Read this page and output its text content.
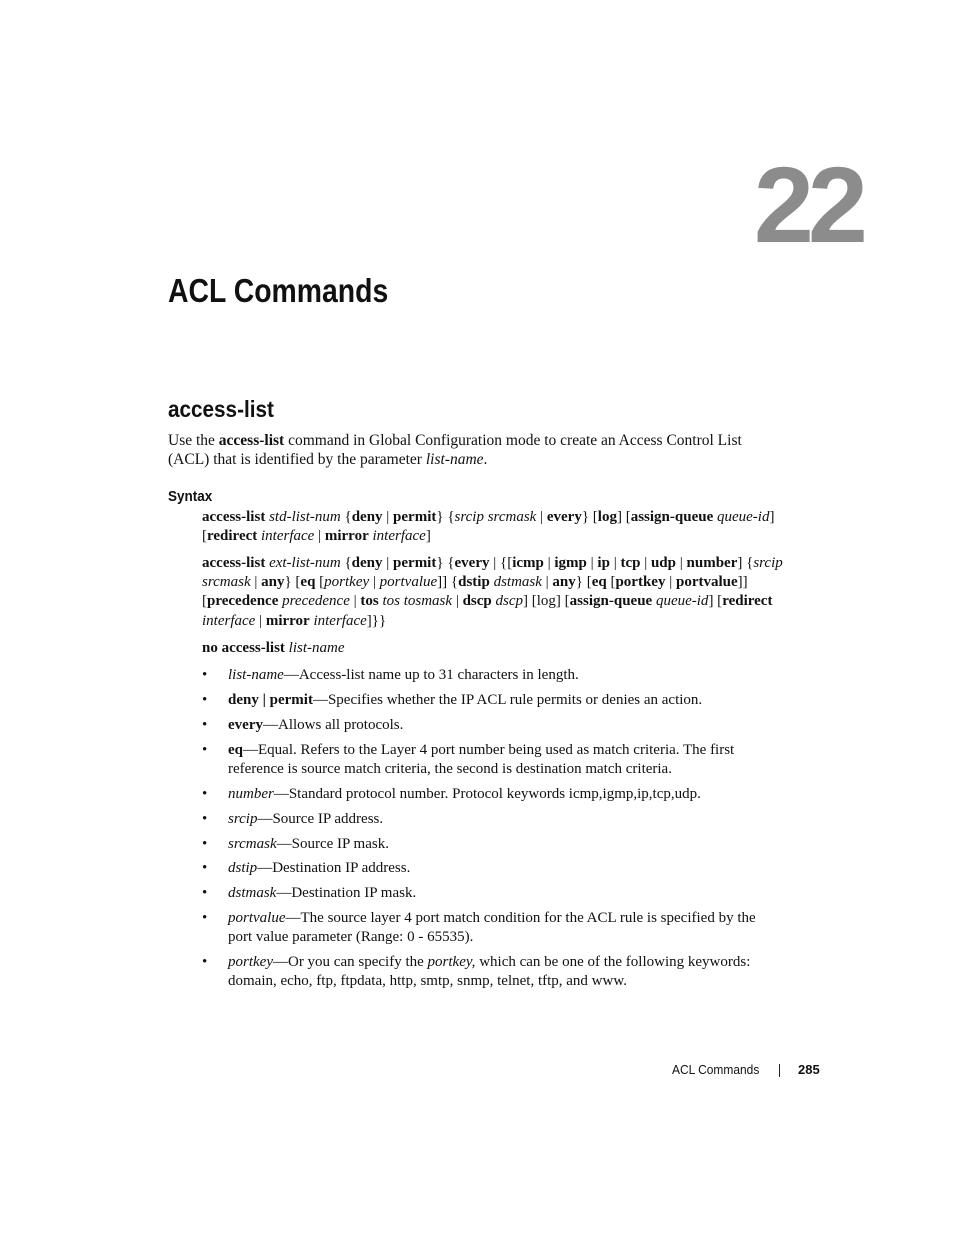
22
ACL Commands
access-list

Use the access-list command in Global Configuration mode to create an Access Control List (ACL) that is identified by the parameter list-name.

Syntax

access-list std-list-num {deny | permit} {srcip srcmask | every} [log] [assign-queue queue-id] [redirect interface | mirror interface]

access-list ext-list-num {deny | permit} {every | {[icmp | igmp | ip | tcp | udp | number] {srcip srcmask | any} [eq [portkey | portvalue]] {dstip dstmask | any} [eq [portkey | portvalue]] [precedence precedence | tos tos tosmask | dscp dscp] [log] [assign-queue queue-id] [redirect interface | mirror interface]}}

no access-list list-name

• list-name—Access-list name up to 31 characters in length.
• deny | permit—Specifies whether the IP ACL rule permits or denies an action.
• every—Allows all protocols.
• eq—Equal. Refers to the Layer 4 port number being used as match criteria. The first reference is source match criteria, the second is destination match criteria.
• number—Standard protocol number. Protocol keywords icmp,igmp,ip,tcp,udp.
• srcip—Source IP address.
• srcmask—Source IP mask.
• dstip—Destination IP address.
• dstmask—Destination IP mask.
• portvalue—The source layer 4 port match condition for the ACL rule is specified by the port value parameter (Range: 0 - 65535).
• portkey—Or you can specify the portkey, which can be one of the following keywords: domain, echo, ftp, ftpdata, http, smtp, snmp, telnet, tftp, and www.
ACL Commands	285
